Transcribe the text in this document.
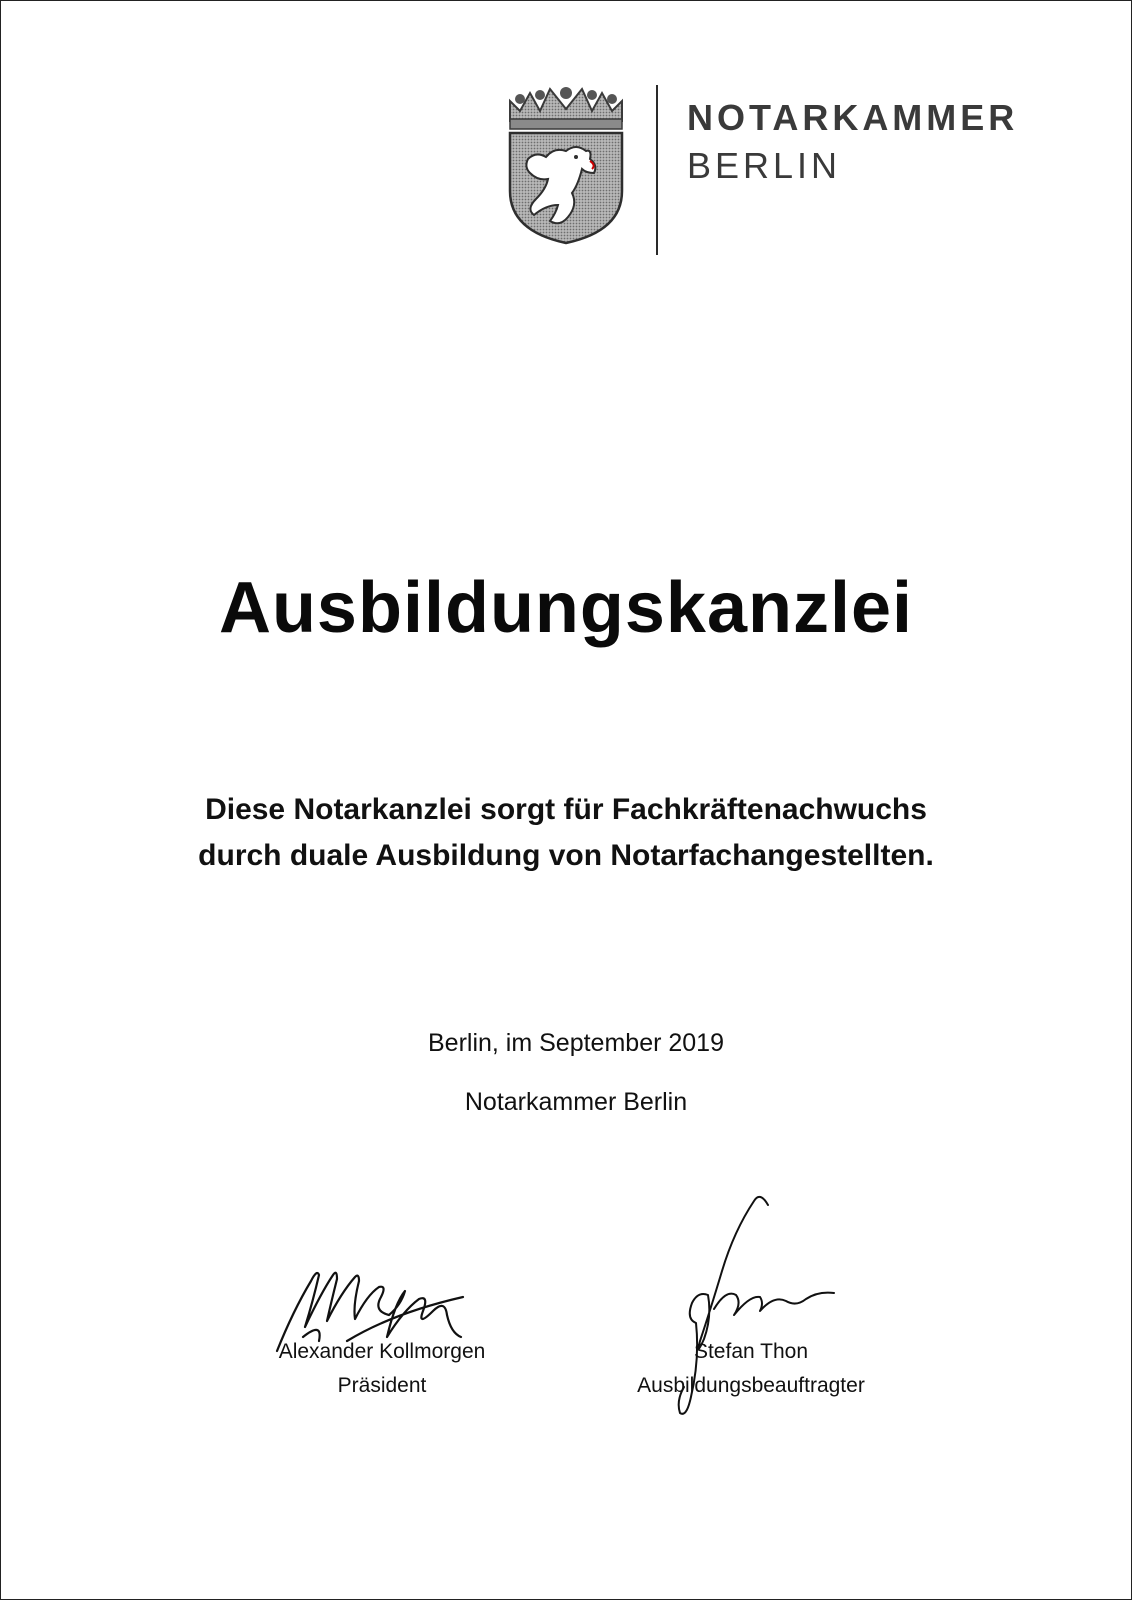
NOTARKAMMER
BERLIN
Ausbildungskanzlei
Diese Notarkanzlei sorgt für Fachkräftenachwuchs
durch duale Ausbildung von Notarfachangestellten.
Berlin, im September 2019
Notarkammer Berlin
Alexander Kollmorgen
Präsident
Stefan Thon
Ausbildungsbeauftragter
